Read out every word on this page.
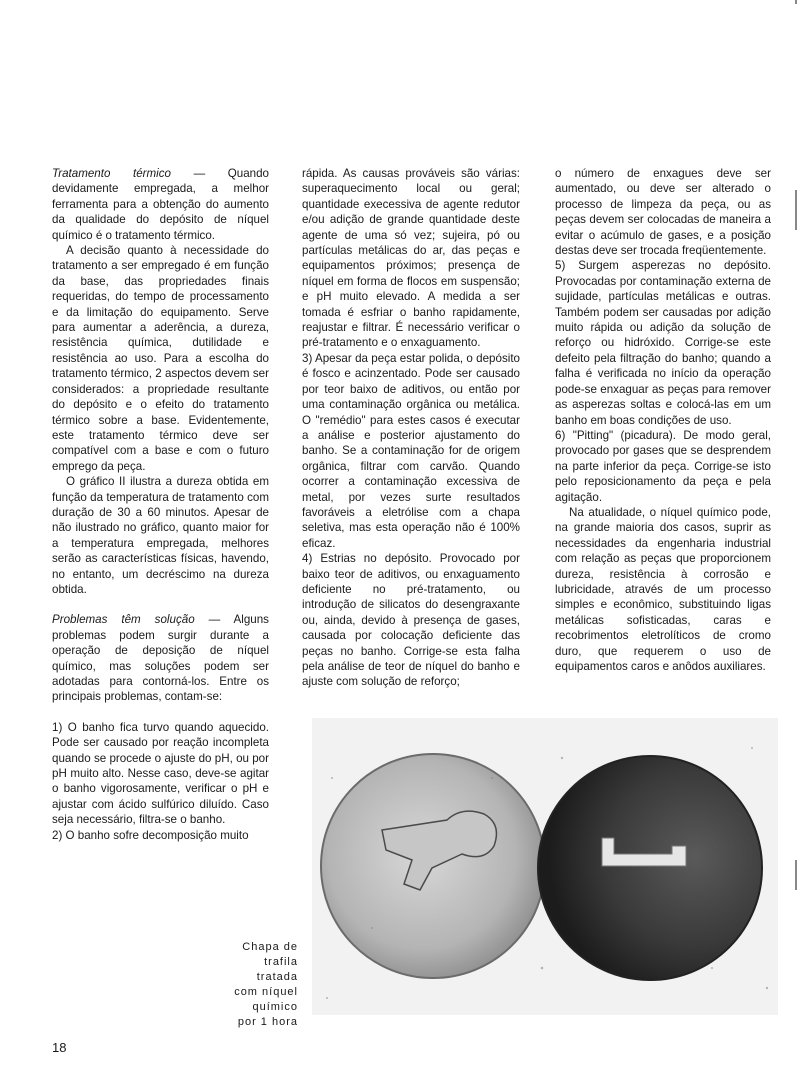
Tratamento térmico — Quando devidamente empregada, a melhor ferramenta para a obtenção do aumento da qualidade do depósito de níquel químico é o tratamento térmico.

A decisão quanto à necessidade do tratamento a ser empregado é em função da base, das propriedades finais requeridas, do tempo de processamento e da limitação do equipamento. Serve para aumentar a aderência, a dureza, resistência química, dutilidade e resistência ao uso. Para a escolha do tratamento térmico, 2 aspectos devem ser considerados: a propriedade resultante do depósito e o efeito do tratamento térmico sobre a base. Evidentemente, este tratamento térmico deve ser compatível com a base e com o futuro emprego da peça.

O gráfico II ilustra a dureza obtida em função da temperatura de tratamento com duração de 30 a 60 minutos. Apesar de não ilustrado no gráfico, quanto maior for a temperatura empregada, melhores serão as características físicas, havendo, no entanto, um decréscimo na dureza obtida.

Problemas têm solução — Alguns problemas podem surgir durante a operação de deposição de níquel químico, mas soluções podem ser adotadas para contorná-los. Entre os principais problemas, contam-se:

1) O banho fica turvo quando aquecido. Pode ser causado por reação incompleta quando se procede o ajuste do pH, ou por pH muito alto. Nesse caso, deve-se agitar o banho vigorosamente, verificar o pH e ajustar com ácido sulfúrico diluído. Caso seja necessário, filtra-se o banho.

2) O banho sofre decomposição muito

rápida. As causas prováveis são várias: superaquecimento local ou geral; quantidade execessiva de agente redutor e/ou adição de grande quantidade deste agente de uma só vez; sujeira, pó ou partículas metálicas do ar, das peças e equipamentos próximos; presença de níquel em forma de flocos em suspensão; e pH muito elevado. A medida a ser tomada é esfriar o banho rapidamente, reajustar e filtrar. É necessário verificar o pré-tratamento e o enxaguamento.

3) Apesar da peça estar polida, o depósito é fosco e acinzentado. Pode ser causado por teor baixo de aditivos, ou então por uma contaminação orgânica ou metálica. O "remédio" para estes casos é executar a análise e posterior ajustamento do banho. Se a contaminação for de origem orgânica, filtrar com carvão. Quando ocorrer a contaminação excessiva de metal, por vezes surte resultados favoráveis a eletrólise com a chapa seletiva, mas esta operação não é 100% eficaz.

4) Estrias no depósito. Provocado por baixo teor de aditivos, ou enxaguamento deficiente no pré-tratamento, ou introdução de silicatos do desengraxante ou, ainda, devido à presença de gases, causada por colocação deficiente das peças no banho. Corrige-se esta falha pela análise de teor de níquel do banho e ajuste com solução de reforço;

o número de enxagues deve ser aumentado, ou deve ser alterado o processo de limpeza da peça, ou as peças devem ser colocadas de maneira a evitar o acúmulo de gases, e a posição destas deve ser trocada freqüentemente.

5) Surgem asperezas no depósito. Provocadas por contaminação externa de sujidade, partículas metálicas e outras. Também podem ser causadas por adição muito rápida ou adição da solução de reforço ou hidróxido. Corrige-se este defeito pela filtração do banho; quando a falha é verificada no início da operação pode-se enxaguar as peças para remover as asperezas soltas e colocá-las em um banho em boas condições de uso.

6) "Pitting" (picadura). De modo geral, provocado por gases que se desprendem na parte inferior da peça. Corrige-se isto pelo reposicionamento da peça e pela agitação.

Na atualidade, o níquel químico pode, na grande maioria dos casos, suprir as necessidades da engenharia industrial com relação as peças que proporcionem dureza, resistência à corrosão e lubricidade, através de um processo simples e econômico, substituindo ligas metálicas sofisticadas, caras e recobrimentos eletrolíticos de cromo duro, que requerem o uso de equipamentos caros e anôdos auxiliares.

Chapa de
trafila
tratada
com níquel
químico
por 1 hora
18
